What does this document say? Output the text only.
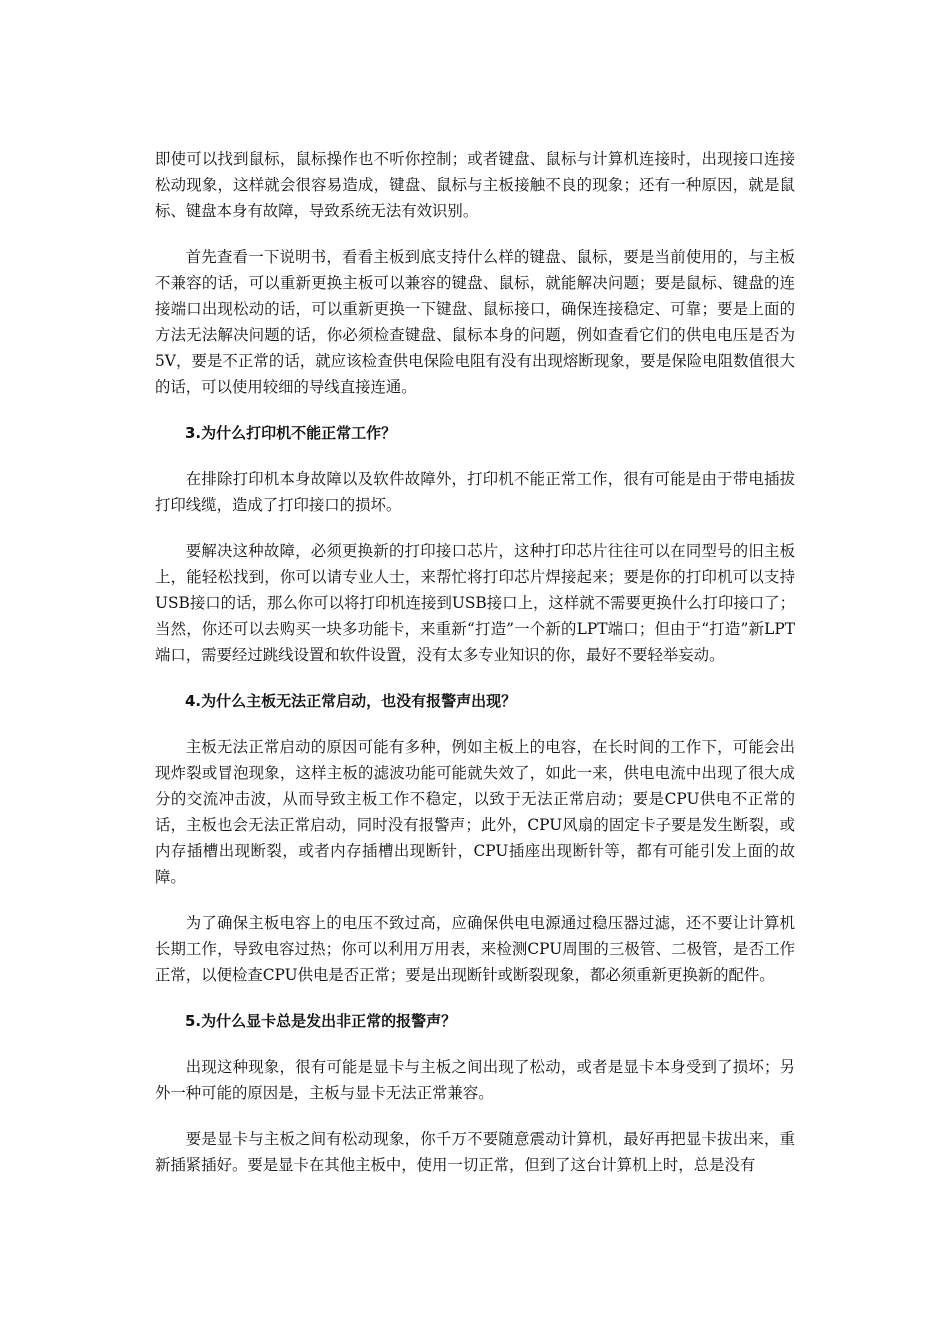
即使可以找到鼠标，鼠标操作也不听你控制；或者键盘、鼠标与计算机连接时，出现接口连接松动现象，这样就会很容易造成，键盘、鼠标与主板接触不良的现象；还有一种原因，就是鼠标、键盘本身有故障，导致系统无法有效识别。

首先查看一下说明书，看看主板到底支持什么样的键盘、鼠标，要是当前使用的，与主板不兼容的话，可以重新更换主板可以兼容的键盘、鼠标，就能解决问题；要是鼠标、键盘的连接端口出现松动的话，可以重新更换一下键盘、鼠标接口，确保连接稳定、可靠；要是上面的方法无法解决问题的话，你必须检查键盘、鼠标本身的问题，例如查看它们的供电电压是否为 5V，要是不正常的话，就应该检查供电保险电阻有没有出现熔断现象，要是保险电阻数值很大的话，可以使用较细的导线直接连通。

3.为什么打印机不能正常工作？

在排除打印机本身故障以及软件故障外，打印机不能正常工作，很有可能是由于带电插拔打印线缆，造成了打印接口的损坏。

要解决这种故障，必须更换新的打印接口芯片，这种打印芯片往往可以在同型号的旧主板上，能轻松找到，你可以请专业人士，来帮忙将打印芯片焊接起来；要是你的打印机可以支持USB接口的话，那么你可以将打印机连接到USB接口上，这样就不需要更换什么打印接口了；当然，你还可以去购买一块多功能卡，来重新“打造”一个新的LPT端口；但由于“打造”新LPT端口，需要经过跳线设置和软件设置，没有太多专业知识的你，最好不要轻举妄动。

4.为什么主板无法正常启动，也没有报警声出现？

主板无法正常启动的原因可能有多种，例如主板上的电容，在长时间的工作下，可能会出现炸裂或冒泡现象，这样主板的滤波功能可能就失效了，如此一来，供电电流中出现了很大成分的交流冲击波，从而导致主板工作不稳定，以致于无法正常启动；要是CPU供电不正常的话，主板也会无法正常启动，同时没有报警声；此外，CPU风扇的固定卡子要是发生断裂，或内存插槽出现断裂，或者内存插槽出现断针，CPU插座出现断针等，都有可能引发上面的故障。

为了确保主板电容上的电压不致过高，应确保供电电源通过稳压器过滤，还不要让计算机长期工作，导致电容过热；你可以利用万用表，来检测CPU周围的三极管、二极管，是否工作正常，以便检查CPU供电是否正常；要是出现断针或断裂现象，都必须重新更换新的配件。

5.为什么显卡总是发出非正常的报警声？

出现这种现象，很有可能是显卡与主板之间出现了松动，或者是显卡本身受到了损坏；另外一种可能的原因是，主板与显卡无法正常兼容。

要是显卡与主板之间有松动现象，你千万不要随意震动计算机，最好再把显卡拔出来，重新插紧插好。要是显卡在其他主板中，使用一切正常，但到了这台计算机上时，总是没有
